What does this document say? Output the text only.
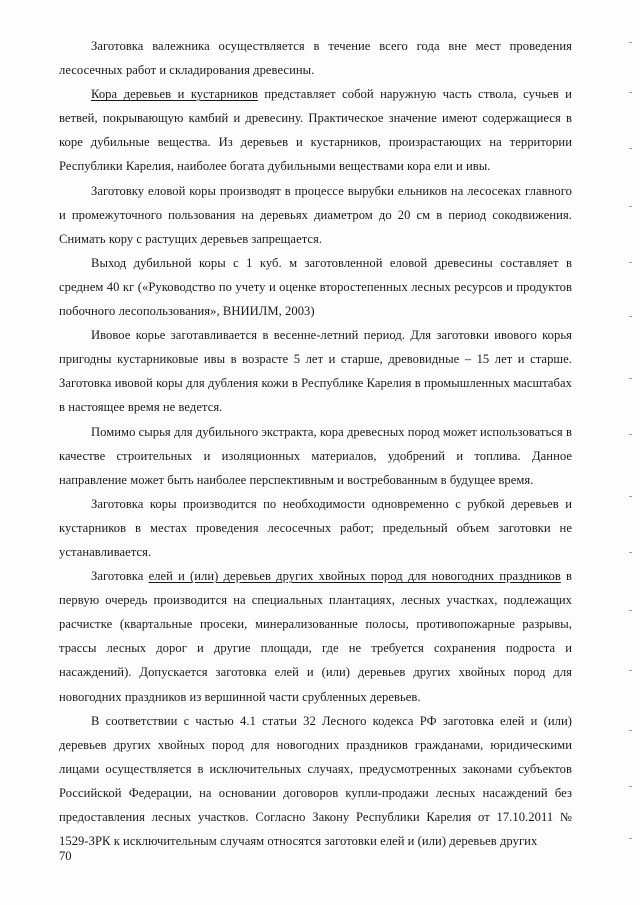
Заготовка валежника осуществляется в течение всего года вне мест проведения лесосечных работ и складирования древесины.

Кора деревьев и кустарников представляет собой наружную часть ствола, сучьев и ветвей, покрывающую камбий и древесину. Практическое значение имеют содержащиеся в коре дубильные вещества. Из деревьев и кустарников, произрастающих на территории Республики Карелия, наиболее богата дубильными веществами кора ели и ивы.

Заготовку еловой коры производят в процессе вырубки ельников на лесосеках главного и промежуточного пользования на деревьях диаметром до 20 см в период сокодвижения. Снимать кору с растущих деревьев запрещается.

Выход дубильной коры с 1 куб. м заготовленной еловой древесины составляет в среднем 40 кг («Руководство по учету и оценке второстепенных лесных ресурсов и продуктов побочного лесопользования», ВНИИЛМ, 2003)

Ивовое корье заготавливается в весенне-летний период. Для заготовки ивового корья пригодны кустарниковые ивы в возрасте 5 лет и старше, древовидные – 15 лет и старше. Заготовка ивовой коры для дубления кожи в Республике Карелия в промышленных масштабах в настоящее время не ведется.

Помимо сырья для дубильного экстракта, кора древесных пород может использоваться в качестве строительных и изоляционных материалов, удобрений и топлива. Данное направление может быть наиболее перспективным и востребованным в будущее время.

Заготовка коры производится по необходимости одновременно с рубкой деревьев и кустарников в местах проведения лесосечных работ; предельный объем заготовки не устанавливается.

Заготовка елей и (или) деревьев других хвойных пород для новогодних праздников в первую очередь производится на специальных плантациях, лесных участках, подлежащих расчистке (квартальные просеки, минерализованные полосы, противопожарные разрывы, трассы лесных дорог и другие площади, где не требуется сохранения подроста и насаждений). Допускается заготовка елей и (или) деревьев других хвойных пород для новогодних праздников из вершинной части срубленных деревьев.

В соответствии с частью 4.1 статьи 32 Лесного кодекса РФ заготовка елей и (или) деревьев других хвойных пород для новогодних праздников гражданами, юридическими лицами осуществляется в исключительных случаях, предусмотренных законами субъектов Российской Федерации, на основании договоров купли-продажи лесных насаждений без предоставления лесных участков. Согласно Закону Республики Карелия от 17.10.2011 № 1529-ЗРК к исключительным случаям относятся заготовки елей и (или) деревьев других

70
